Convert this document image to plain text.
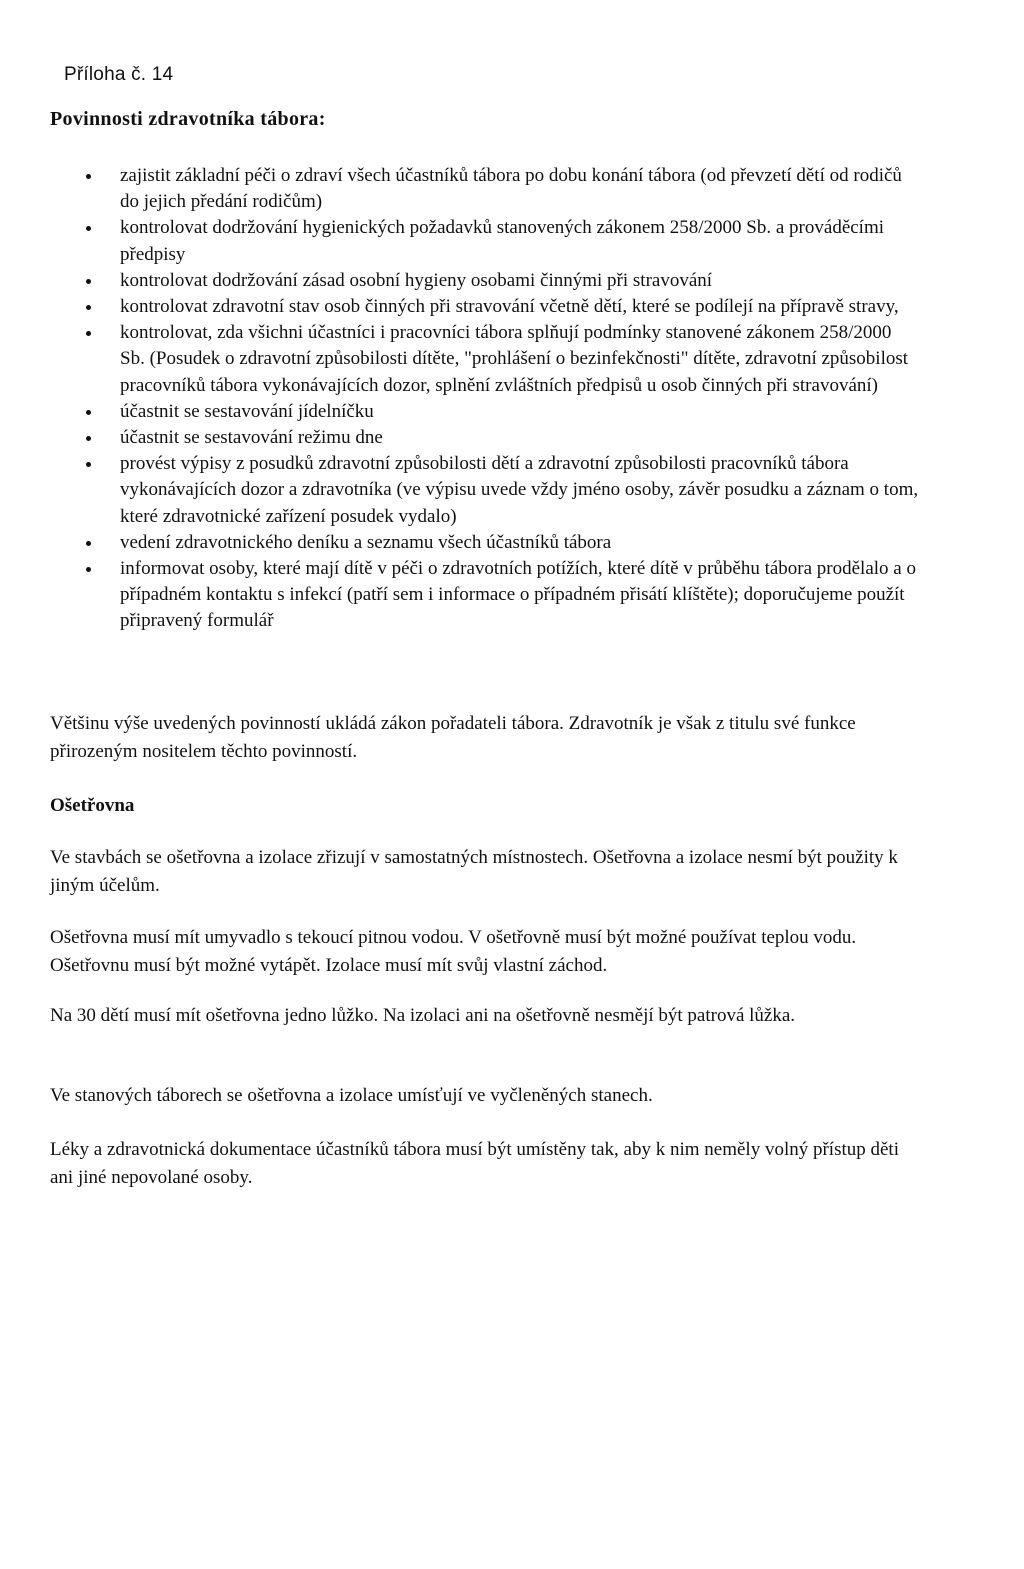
Příloha č. 14
Povinnosti zdravotníka tábora:
zajistit základní péči o zdraví všech účastníků tábora po dobu konání tábora (od převzetí dětí od rodičů do jejich předání rodičům)
kontrolovat dodržování hygienických požadavků stanovených zákonem 258/2000 Sb. a prováděcími předpisy
kontrolovat dodržování zásad osobní hygieny osobami činnými při stravování
kontrolovat zdravotní stav osob činných při stravování včetně dětí, které se podílejí na přípravě stravy,
kontrolovat, zda všichni účastníci i pracovníci tábora splňují podmínky stanovené zákonem 258/2000 Sb. (Posudek o zdravotní způsobilosti dítěte, "prohlášení o bezinfekčnosti" dítěte, zdravotní způsobilost pracovníků tábora vykonávajících dozor, splnění zvláštních předpisů u osob činných při stravování)
účastnit se sestavování jídelníčku
účastnit se sestavování režimu dne
provést výpisy z posudků zdravotní způsobilosti dětí a zdravotní způsobilosti pracovníků tábora vykonávajících dozor a zdravotníka (ve výpisu uvede vždy jméno osoby, závěr posudku a záznam o tom, které zdravotnické zařízení posudek vydalo)
vedení zdravotnického deníku a seznamu všech účastníků tábora
informovat osoby, které mají dítě v péči o zdravotních potížích, které dítě v průběhu tábora prodělalo a o případném kontaktu s infekcí (patří sem i informace o případném přisátí klíštěte); doporučujeme použít připravený formulář

Většinu výše uvedených povinností ukládá zákon pořadateli tábora. Zdravotník je však z titulu své funkce přirozeným nositelem těchto povinností.

Ošetřovna

Ve stavbách se ošetřovna a izolace zřizují v samostatných místnostech. Ošetřovna a izolace nesmí být použity k jiným účelům.

Ošetřovna musí mít umyvadlo s tekoucí pitnou vodou. V ošetřovně musí být možné používat teplou vodu. Ošetřovnu musí být možné vytápět. Izolace musí mít svůj vlastní záchod.

Na 30 dětí musí mít ošetřovna jedno lůžko. Na izolaci ani na ošetřovně nesmějí být patrová lůžka.

Ve stanových táborech se ošetřovna a izolace umísťují ve vyčleněných stanech.

Léky a zdravotnická dokumentace účastníků tábora musí být umístěny tak, aby k nim neměly volný přístup děti ani jiné nepovolané osoby.
